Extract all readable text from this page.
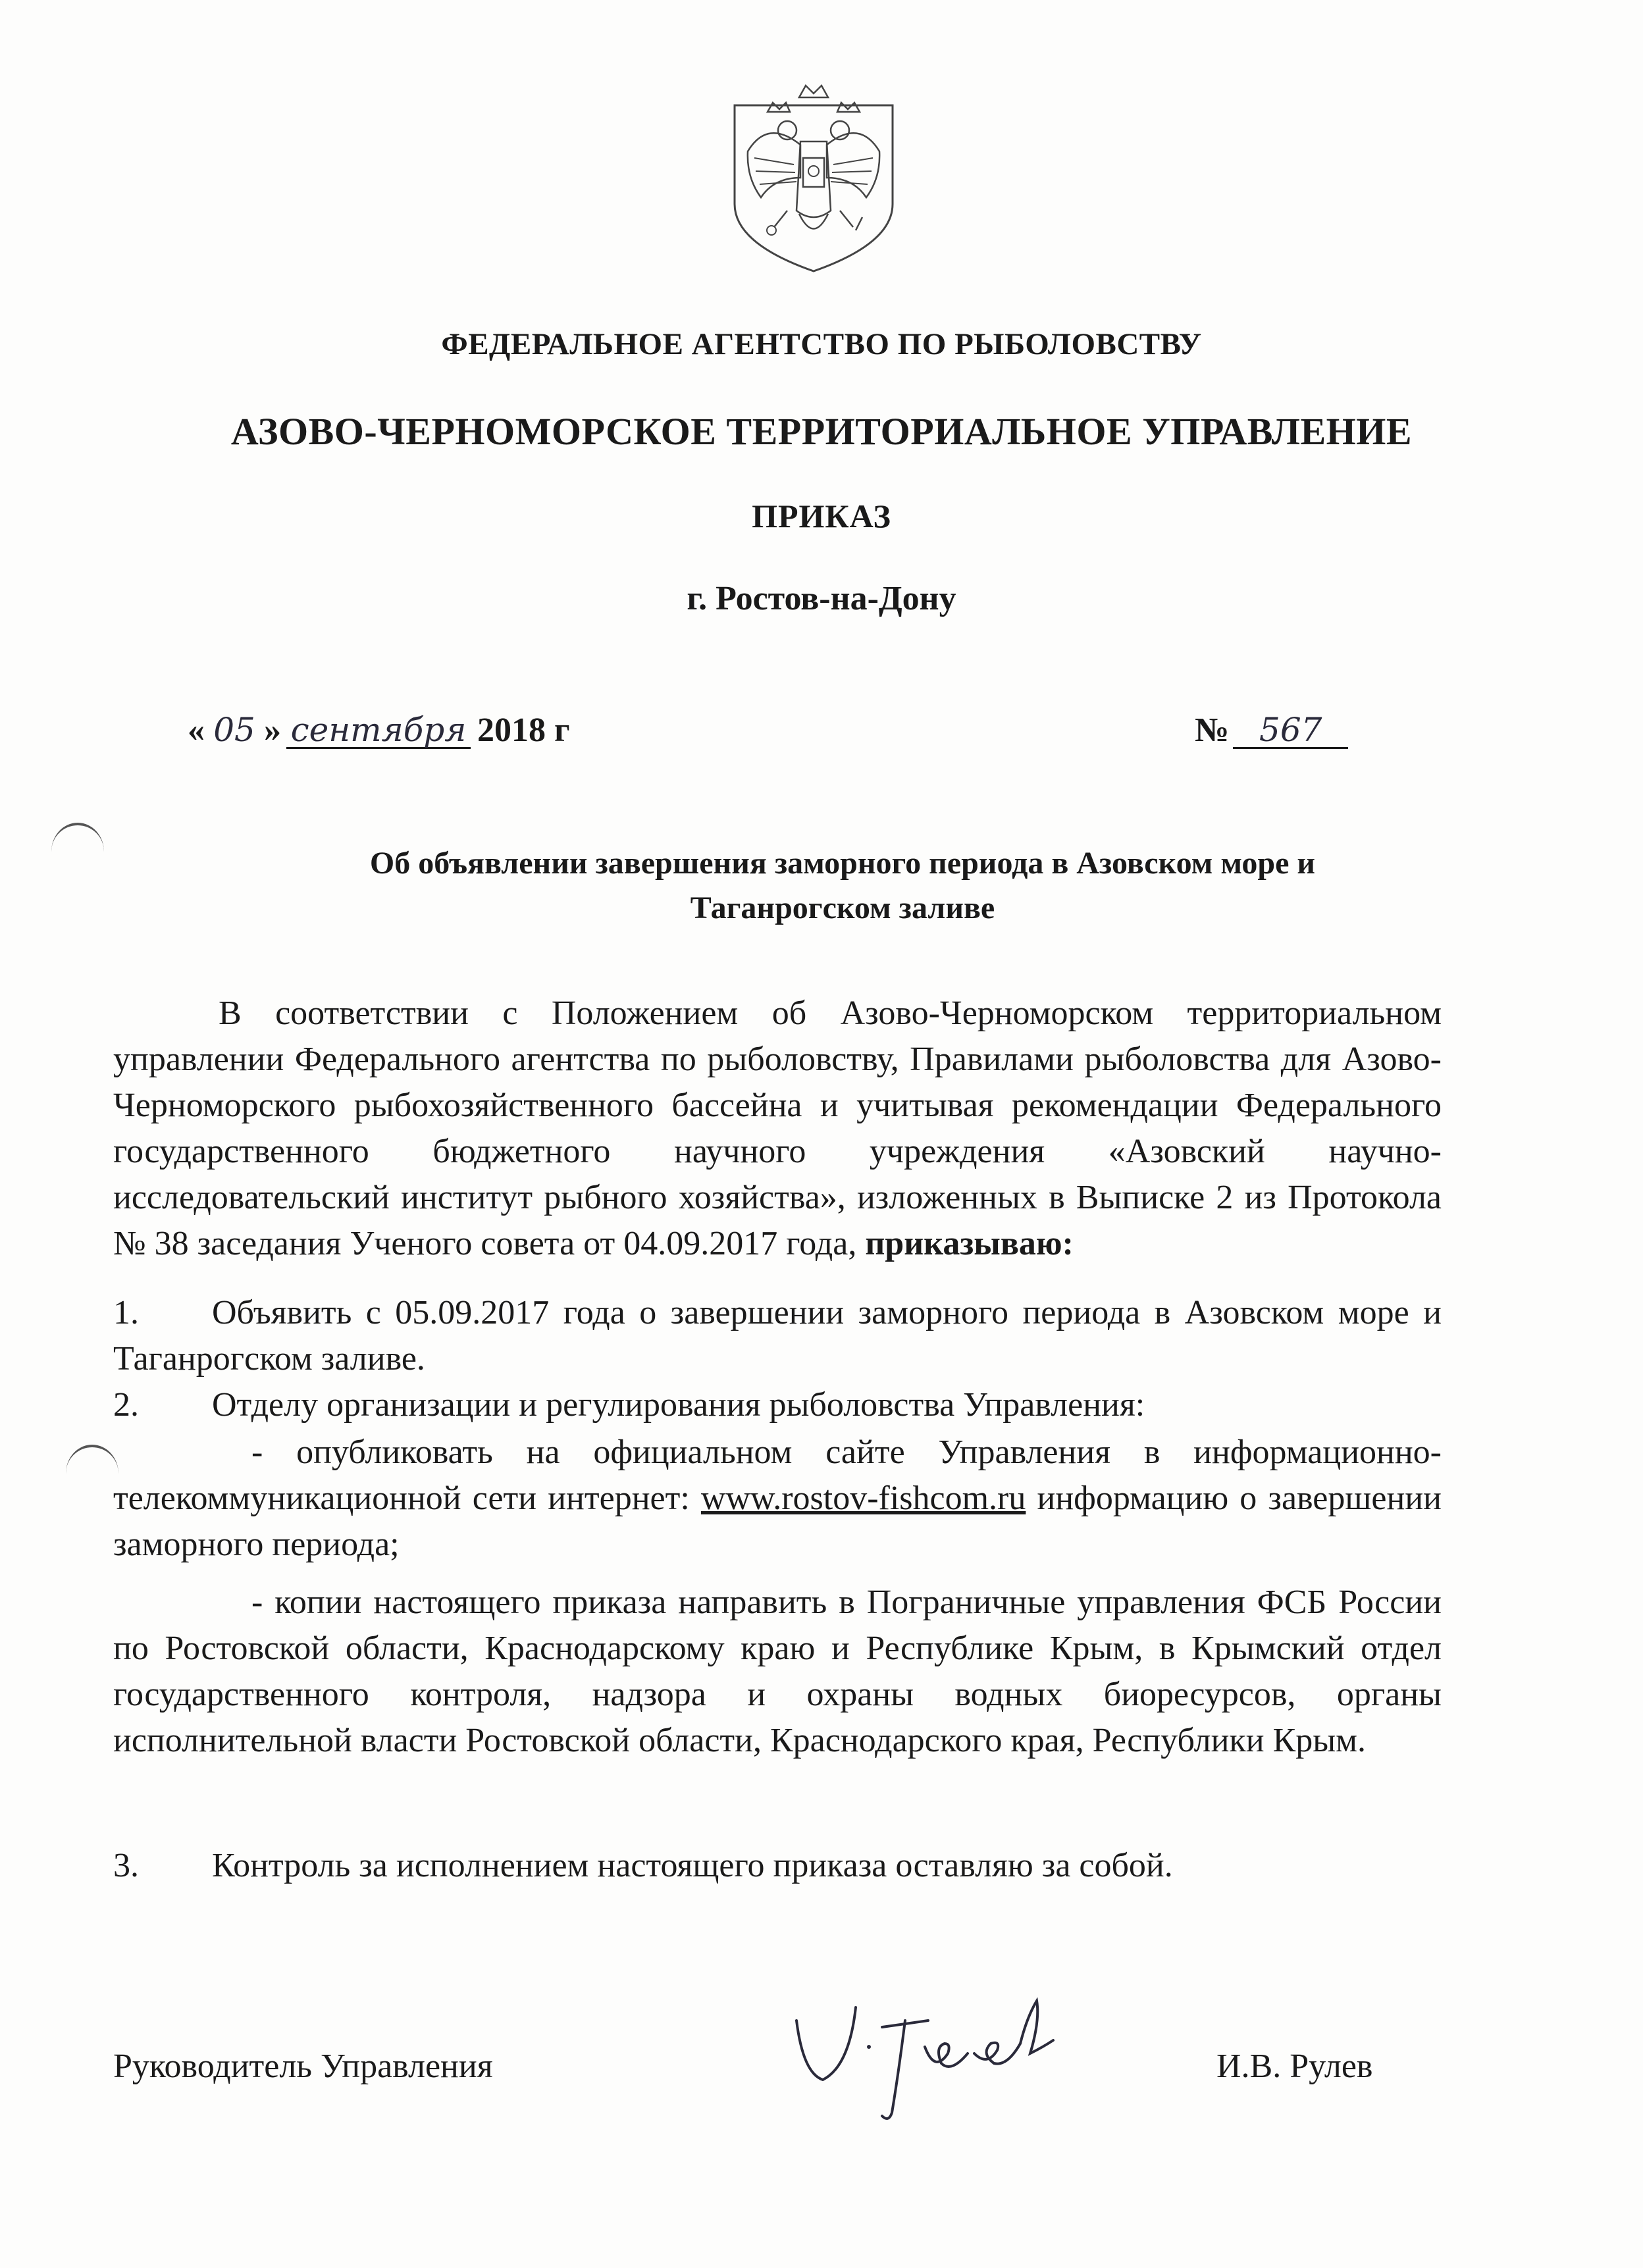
ФЕДЕРАЛЬНОЕ АГЕНТСТВО ПО РЫБОЛОВСТВУ
АЗОВО-ЧЕРНОМОРСКОЕ ТЕРРИТОРИАЛЬНОЕ УПРАВЛЕНИЕ
ПРИКАЗ
г. Ростов-на-Дону
« 05 » сентября 2018 г	№ 567
Об объявлении завершения заморного периода в Азовском море и
Таганрогском заливе
В соответствии с Положением об Азово-Черноморском территориальном управлении Федерального агентства по рыболовству, Правилами рыболовства для Азово-Черноморского рыбохозяйственного бассейна и учитывая рекомендации Федерального государственного бюджетного научного учреждения «Азовский научно-исследовательский институт рыбного хозяйства», изложенных в Выписке 2 из Протокола № 38 заседания Ученого совета от 04.09.2017 года, приказываю:
1. Объявить с 05.09.2017 года о завершении заморного периода в Азовском море и Таганрогском заливе.
2. Отделу организации и регулирования рыболовства Управления:
- опубликовать на официальном сайте Управления в информационно-телекоммуникационной сети интернет: www.rostov-fishcom.ru информацию о завершении заморного периода;
- копии настоящего приказа направить в Пограничные управления ФСБ России по Ростовской области, Краснодарскому краю и Республике Крым, в Крымский отдел государственного контроля, надзора и охраны водных биоресурсов, органы исполнительной власти Ростовской области, Краснодарского края, Республики Крым.
3. Контроль за исполнением настоящего приказа оставляю за собой.
Руководитель Управления	И.В. Рулев
